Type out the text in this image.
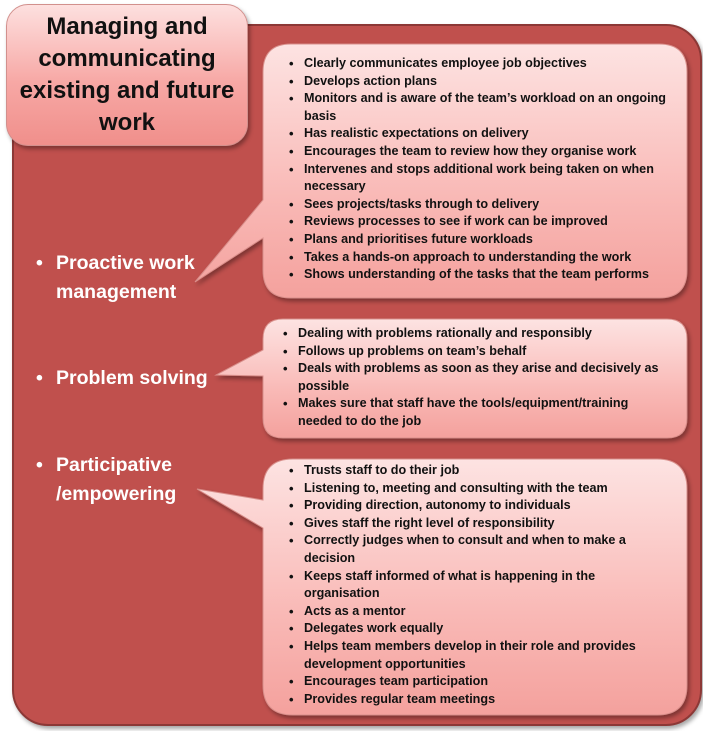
Managing and communicating existing and future work
• Proactive work management
• Problem solving
• Participative /empowering
• Clearly communicates employee job objectives
• Develops action plans
• Monitors and is aware of the team’s workload on an ongoing basis
• Has realistic expectations on delivery
• Encourages the team to review how they organise work
• Intervenes and stops additional work being taken on when necessary
• Sees projects/tasks through to delivery
• Reviews processes to see if work can be improved
• Plans and prioritises future workloads
• Takes a hands-on approach to understanding the work
• Shows understanding of the tasks that the team performs
• Dealing with problems rationally and responsibly
• Follows up problems on team’s behalf
• Deals with problems as soon as they arise and decisively as possible
• Makes sure that staff have the tools/equipment/training needed to do the job
• Trusts staff to do their job
• Listening to, meeting and consulting with the team
• Providing direction, autonomy to individuals
• Gives staff the right level of responsibility
• Correctly judges when to consult and when to make a decision
• Keeps staff informed of what is happening in the organisation
• Acts as a mentor
• Delegates work equally
• Helps team members develop in their role and provides development opportunities
• Encourages team participation
• Provides regular team meetings
